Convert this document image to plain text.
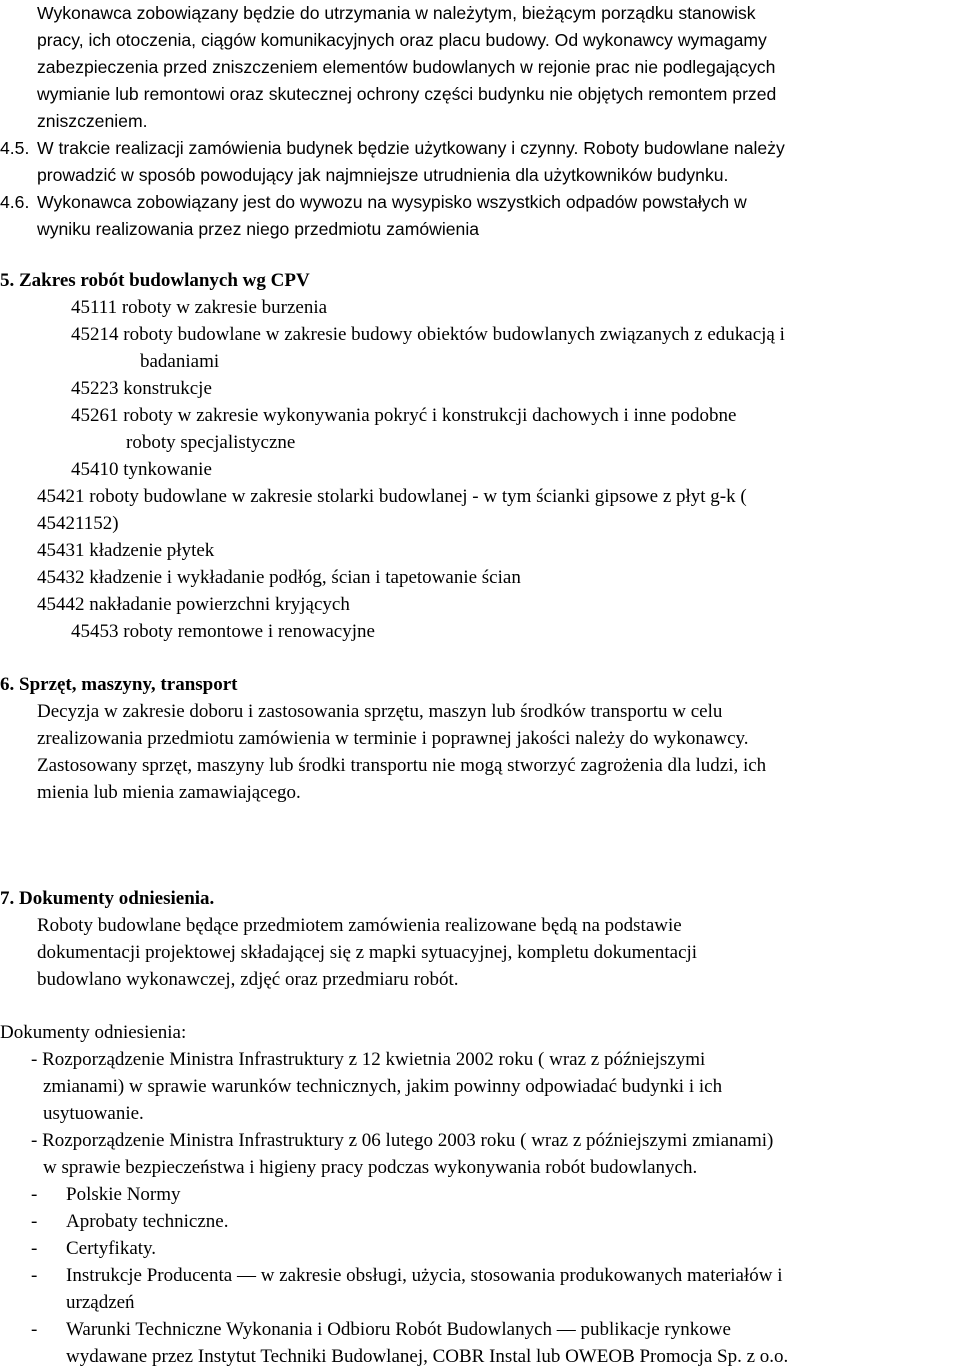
Wykonawca zobowiązany będzie do utrzymania w należytym, bieżącym porządku stanowisk
pracy, ich otoczenia, ciągów komunikacyjnych oraz placu budowy. Od wykonawcy wymagamy
zabezpieczenia przed zniszczeniem elementów budowlanych w rejonie prac nie podlegających
wymianie lub remontowi oraz skutecznej ochrony części budynku nie objętych remontem przed
zniszczeniem.
4.5. W trakcie realizacji zamówienia budynek będzie użytkowany i czynny. Roboty budowlane należy
prowadzić w sposób powodujący jak najmniejsze utrudnienia dla użytkowników budynku.
4.6. Wykonawca zobowiązany jest do wywozu na wysypisko wszystkich odpadów powstałych w
wyniku realizowania przez niego przedmiotu zamówienia
5. Zakres robót budowlanych wg CPV
45111 roboty w zakresie burzenia
45214 roboty budowlane w zakresie budowy obiektów budowlanych związanych z edukacją i
badaniami
45223 konstrukcje
45261 roboty w zakresie wykonywania pokryć i konstrukcji dachowych i inne podobne
roboty specjalistyczne
45410 tynkowanie
45421 roboty budowlane w zakresie stolarki budowlanej - w tym ścianki gipsowe z płyt g-k (
45421152)
45431 kładzenie płytek
45432 kładzenie i wykładanie podłóg, ścian i tapetowanie ścian
45442 nakładanie powierzchni kryjących
45453 roboty remontowe i renowacyjne
6. Sprzęt, maszyny, transport
Decyzja w zakresie doboru i zastosowania sprzętu, maszyn lub środków transportu w celu
zrealizowania przedmiotu zamówienia w terminie i poprawnej jakości należy do wykonawcy.
Zastosowany sprzęt, maszyny lub środki transportu nie mogą stworzyć zagrożenia dla ludzi, ich
mienia lub mienia zamawiającego.
7. Dokumenty odniesienia.
Roboty budowlane będące przedmiotem zamówienia realizowane będą na podstawie
dokumentacji projektowej składającej się z mapki sytuacyjnej, kompletu dokumentacji
budowlano wykonawczej, zdjęć oraz przedmiaru robót.
Dokumenty odniesienia:
- Rozporządzenie Ministra Infrastruktury z 12 kwietnia 2002 roku ( wraz z późniejszymi
zmianami) w sprawie warunków technicznych, jakim powinny odpowiadać budynki i ich
usytuowanie.
- Rozporządzenie Ministra Infrastruktury z 06 lutego 2003 roku ( wraz z późniejszymi zmianami)
w sprawie bezpieczeństwa i higieny pracy podczas wykonywania robót budowlanych.
- Polskie Normy
- Aprobaty techniczne.
- Certyfikaty.
- Instrukcje Producenta — w zakresie obsługi, użycia, stosowania produkowanych materiałów i
urządzeń
- Warunki Techniczne Wykonania i Odbioru Robót Budowlanych — publikacje rynkowe
wydawane przez Instytut Techniki Budowlanej, COBR Instal lub OWEOB Promocja Sp. z o.o.
